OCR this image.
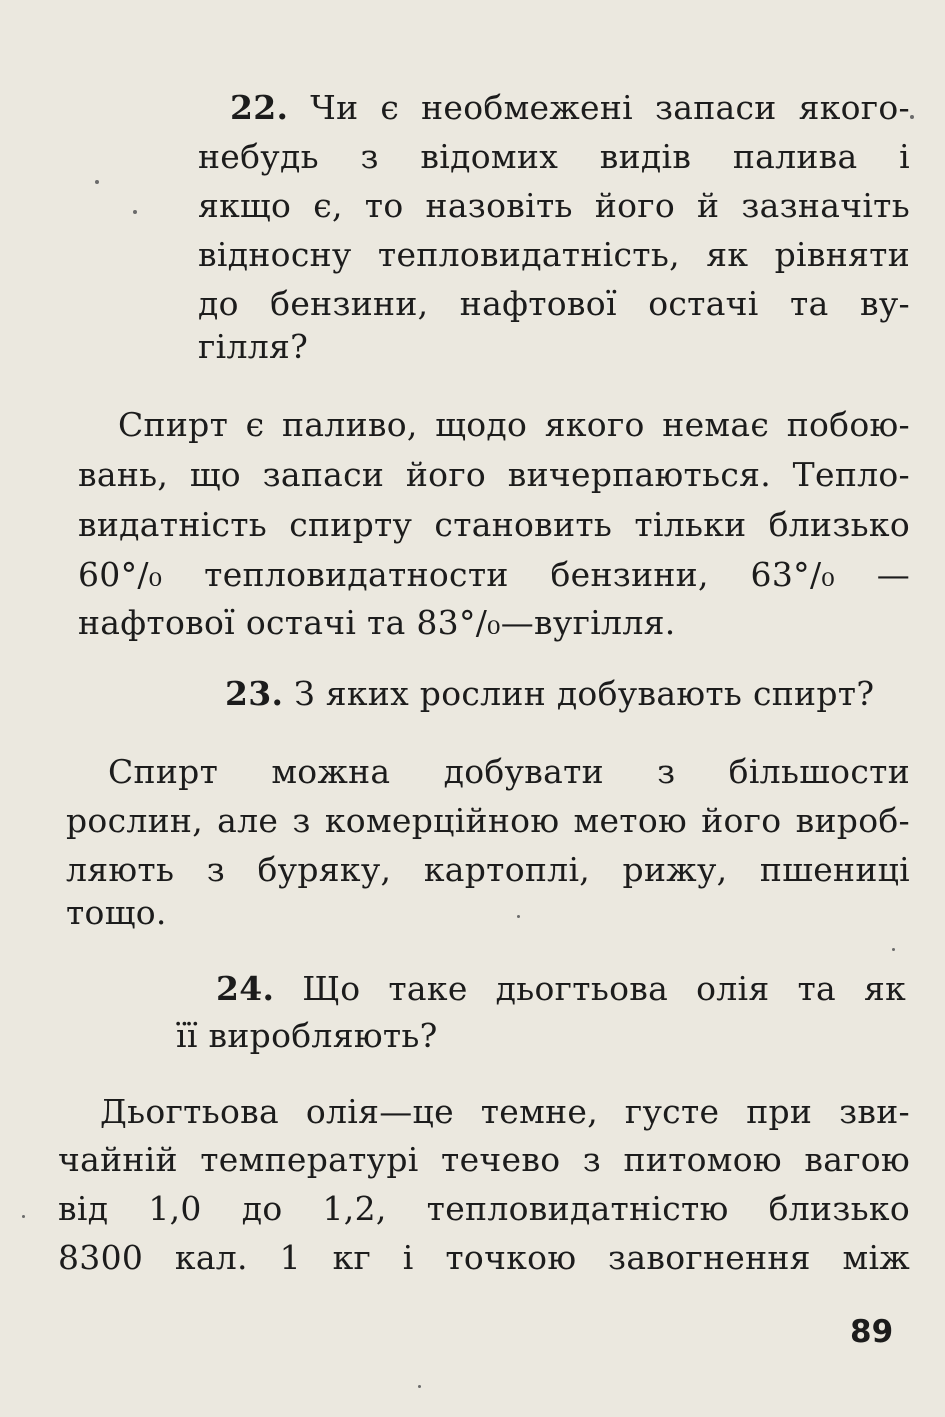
22. Чи є необмежені запаси якого-
небудь з відомих видів палива і
якщо є, то назовіть його й зазначіть
відносну тепловидатність, як рівняти
до бензини, нафтової остачі та ву-
гілля?
Спирт є паливо, щодо якого немає побою-
вань, що запаси його вичерпаються. Тепло-
видатність спирту становить тільки близько
60°/₀ тепловидатности бензини, 63°/₀ —
нафтової остачі та 83°/₀—вугілля.
23. З яких рослин добувають спирт?
Спирт можна добувати з більшости
рослин, але з комерційною метою його вироб-
ляють з буряку, картоплі, рижу, пшениці
тощо.
24. Що таке дьогтьова олія та як
її виробляють?
Дьогтьова олія—це темне, густе при зви-
чайній температурі течево з питомою вагою
від 1,0 до 1,2, тепловидатністю близько
8300 кал. 1 кг і точкою завогнення між
89
